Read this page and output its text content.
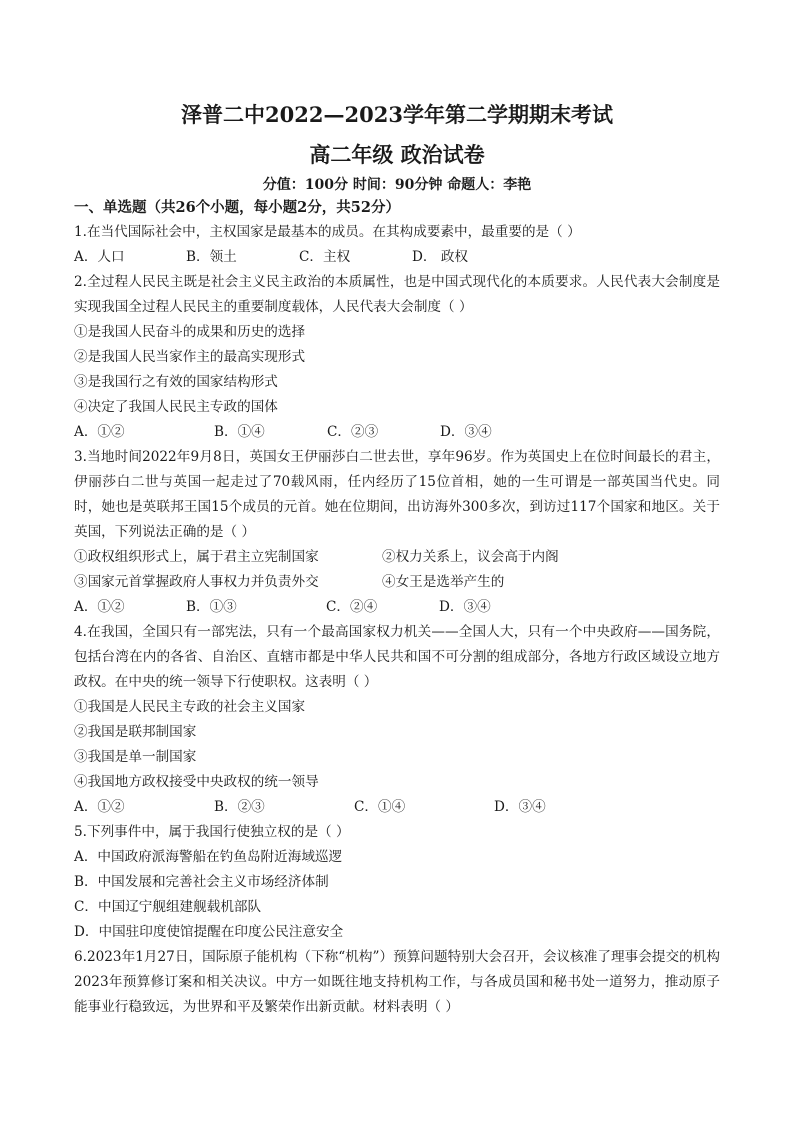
泽普二中2022—2023学年第二学期期末考试
高二年级 政治试卷

分值：100分 时间：90分钟 命题人：李艳

一、单选题（共26个小题，每小题2分，共52分）

1.在当代国际社会中，主权国家是最基本的成员。在其构成要素中，最重要的是（ ）

A．人口	B．领土	C．主权	D． 政权

2.全过程人民民主既是社会主义民主政治的本质属性，也是中国式现代化的本质要求。人民代表大会制度是实现我国全过程人民民主的重要制度载体，人民代表大会制度（ ）

①是我国人民奋斗的成果和历史的选择

②是我国人民当家作主的最高实现形式

③是我国行之有效的国家结构形式

④决定了我国人民民主专政的国体

A．①②	B．①④	C．②③	D．③④

3.当地时间2022年9月8日，英国女王伊丽莎白二世去世，享年96岁。作为英国史上在位时间最长的君主，伊丽莎白二世与英国一起走过了70载风雨，任内经历了15位首相，她的一生可谓是一部英国当代史。同时，她也是英联邦王国15个成员的元首。她在位期间，出访海外300多次，到访过117个国家和地区。关于英国，下列说法正确的是（ ）

①政权组织形式上，属于君主立宪制国家	②权力关系上，议会高于内阁
③国家元首掌握政府人事权力并负责外交	④女王是选举产生的
A．①②	B．①③	C．②④	D．③④

4.在我国，全国只有一部宪法，只有一个最高国家权力机关——全国人大，只有一个中央政府——国务院，包括台湾在内的各省、自治区、直辖市都是中华人民共和国不可分割的组成部分，各地方行政区域设立地方政权。在中央的统一领导下行使职权。这表明（ ）

①我国是人民民主专政的社会主义国家

②我国是联邦制国家

③我国是单一制国家

④我国地方政权接受中央政权的统一领导

A．①②	B．②③	C．①④	D．③④

5.下列事件中，属于我国行使独立权的是（ ）

A．中国政府派海警船在钓鱼岛附近海域巡逻

B．中国发展和完善社会主义市场经济体制

C．中国辽宁舰组建舰载机部队

D．中国驻印度使馆提醒在印度公民注意安全

6.2023年1月27日，国际原子能机构（下称“机构”）预算问题特别大会召开，会议核准了理事会提交的机构2023年预算修订案和相关决议。中方一如既往地支持机构工作，与各成员国和秘书处一道努力，推动原子能事业行稳致远，为世界和平及繁荣作出新贡献。材料表明（ ）
